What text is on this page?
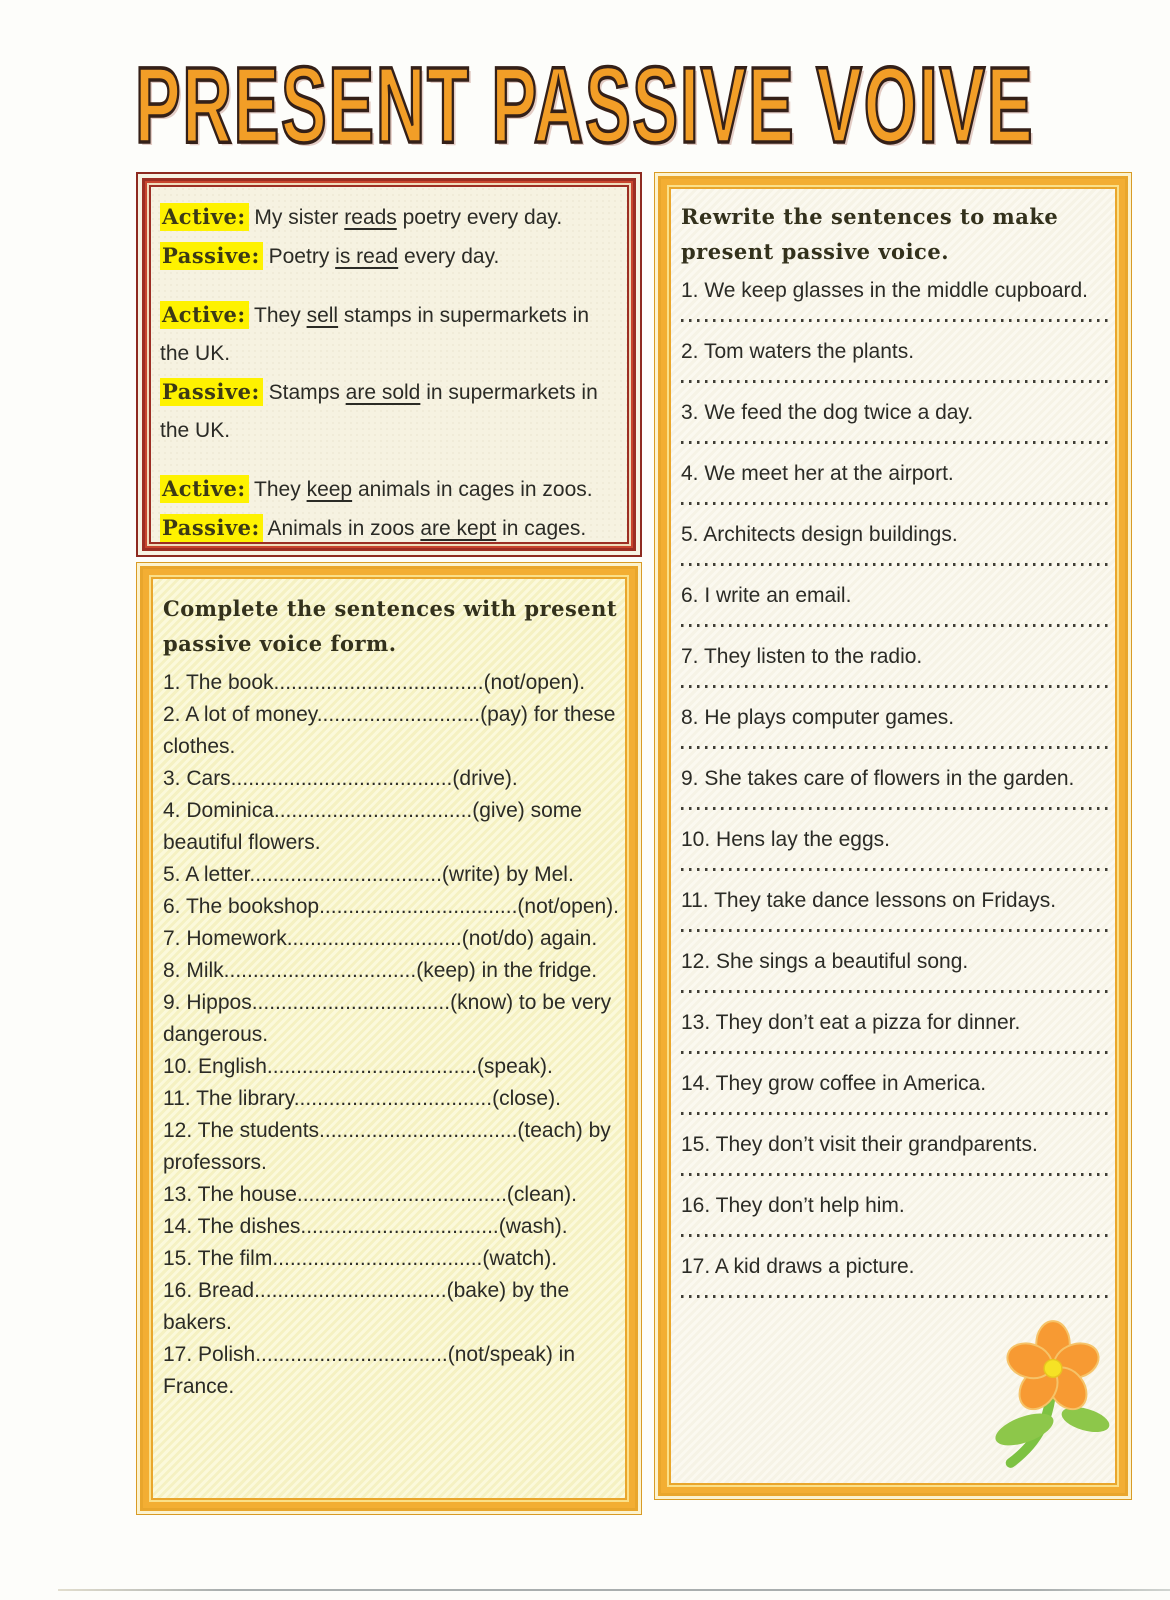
PRESENT PASSIVE VOIVE
Active: My sister reads poetry every day.
Passive: Poetry is read every day.
Active: They sell stamps in supermarkets in the UK.
Passive: Stamps are sold in supermarkets in the UK.
Active: They keep animals in cages in zoos.
Passive: Animals in zoos are kept in cages.
Complete the sentences with present passive voice form.
1. The book....................................(not/open).
2. A lot of money............................(pay) for these clothes.
3. Cars......................................(drive).
4. Dominica..................................(give) some beautiful flowers.
5. A letter.................................(write) by Mel.
6. The bookshop..................................(not/open).
7. Homework..............................(not/do) again.
8. Milk.................................(keep) in the fridge.
9. Hippos..................................(know) to be very dangerous.
10. English....................................(speak).
11. The library..................................(close).
12. The students..................................(teach) by professors.
13. The house....................................(clean).
14. The dishes..................................(wash).
15. The film....................................(watch).
16. Bread.................................(bake) by the bakers.
17. Polish.................................(not/speak) in France.
Rewrite the sentences to make present passive voice.
1. We keep glasses in the middle cupboard.
2. Tom waters the plants.
3. We feed the dog twice a day.
4. We meet her at the airport.
5. Architects design buildings.
6. I write an email.
7. They listen to the radio.
8. He plays computer games.
9. She takes care of flowers in the garden.
10. Hens lay the eggs.
11. They take dance lessons on Fridays.
12. She sings a beautiful song.
13. They don’t eat a pizza for dinner.
14. They grow coffee in America.
15. They don’t visit their grandparents.
16. They don’t help him.
17. A kid draws a picture.
